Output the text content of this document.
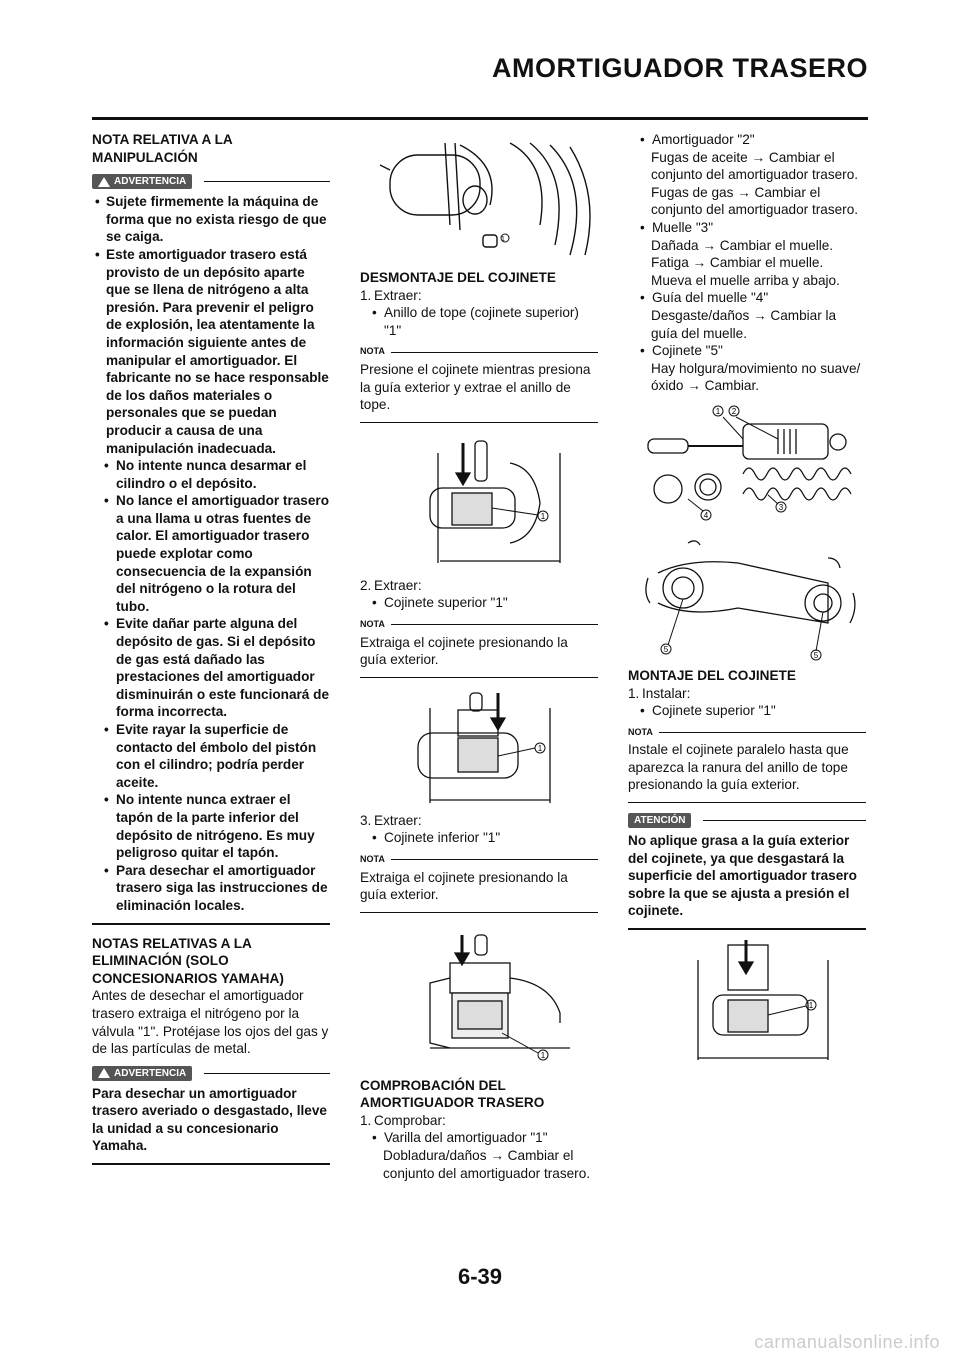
AMORTIGUADOR TRASERO

NOTA RELATIVA A LA MANIPULACIÓN

ADVERTENCIA

• Sujete firmemente la máquina de forma que no exista riesgo de que se caiga.

• Este amortiguador trasero está provisto de un depósito aparte que se llena de nitrógeno a alta presión. Para prevenir el peligro de explosión, lea atentamente la información siguiente antes de manipular el amortiguador. El fabricante no se hace responsable de los daños materiales o personales que se puedan producir a causa de una manipulación inadecuada.

• No intente nunca desarmar el cilindro o el depósito.

• No lance el amortiguador trasero a una llama u otras fuentes de calor. El amortiguador trasero puede explotar como consecuencia de la expansión del nitrógeno o la rotura del tubo.

• Evite dañar parte alguna del depósito de gas. Si el depósito de gas está dañado las prestaciones del amortiguador disminuirán o este funcionará de forma incorrecta.

• Evite rayar la superficie de contacto del émbolo del pistón con el cilindro; podría perder aceite.

• No intente nunca extraer el tapón de la parte inferior del depósito de nitrógeno. Es muy peligroso quitar el tapón.

• Para desechar el amortiguador trasero siga las instrucciones de eliminación locales.

NOTAS RELATIVAS A LA ELIMINACIÓN (SOLO CONCESIONARIOS YAMAHA)

Antes de desechar el amortiguador trasero extraiga el nitrógeno por la válvula "1". Protéjase los ojos del gas y de las partículas de metal.

ADVERTENCIA

Para desechar un amortiguador trasero averiado o desgastado, lleve la unidad a su concesionario Yamaha.

1

DESMONTAJE DEL COJINETE

1. Extraer:

• Anillo de tope (cojinete superior) "1"

NOTA

Presione el cojinete mientras presiona la guía exterior y extrae el anillo de tope.

1

2. Extraer:

• Cojinete superior "1"

NOTA

Extraiga el cojinete presionando la guía exterior.

1

3. Extraer:

• Cojinete inferior "1"

NOTA

Extraiga el cojinete presionando la guía exterior.

1

COMPROBACIÓN DEL AMORTIGUADOR TRASERO

1. Comprobar:

• Varilla del amortiguador "1"

Dobladura/daños → Cambiar el conjunto del amortiguador trasero.

• Amortiguador "2"

Fugas de aceite → Cambiar el conjunto del amortiguador trasero.

Fugas de gas → Cambiar el conjunto del amortiguador trasero.

• Muelle "3"

Dañada → Cambiar el muelle.

Fatiga → Cambiar el muelle.

Mueva el muelle arriba y abajo.

• Guía del muelle "4"

Desgaste/daños → Cambiar la guía del muelle.

• Cojinete "5"

Hay holgura/movimiento no suave/óxido → Cambiar.

1 2
4
3
5
5

MONTAJE DEL COJINETE

1. Instalar:

• Cojinete superior "1"

NOTA

Instale el cojinete paralelo hasta que aparezca la ranura del anillo de tope presionando la guía exterior.

ATENCIÓN

No aplique grasa a la guía exterior del cojinete, ya que desgastará la superficie del amortiguador trasero sobre la que se ajusta a presión el cojinete.

1
6-39
carmanualsonline.info
